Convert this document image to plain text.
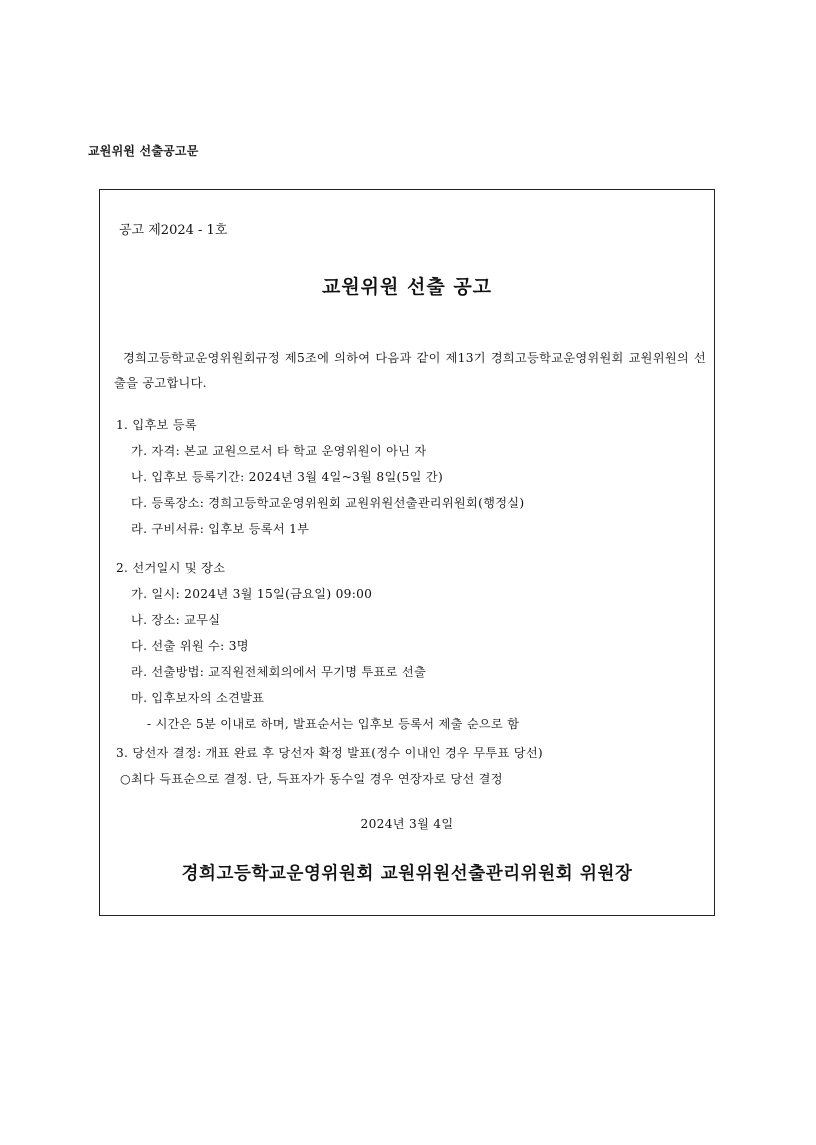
교원위원 선출공고문
공고 제2024 - 1호
교원위원 선출 공고

경희고등학교운영위원회규정 제5조에 의하여 다음과 같이 제13기 경희고등학교운영위원회 교원위원의 선출을 공고합니다.

1. 입후보 등록
가. 자격: 본교 교원으로서 타 학교 운영위원이 아닌 자
나. 입후보 등록기간: 2024년 3월 4일~3월 8일(5일 간)
다. 등록장소: 경희고등학교운영위원회 교원위원선출관리위원회(행정실)
라. 구비서류: 입후보 등록서 1부
2. 선거일시 및 장소
가. 일시: 2024년 3월 15일(금요일) 09:00
나. 장소: 교무실
다. 선출 위원 수: 3명
라. 선출방법: 교직원전체회의에서 무기명 투표로 선출
마. 입후보자의 소견발표
- 시간은 5분 이내로 하며, 발표순서는 입후보 등록서 제출 순으로 함
3. 당선자 결정: 개표 완료 후 당선자 확정 발표(정수 이내인 경우 무투표 당선)
○최다 득표순으로 결정. 단, 득표자가 동수일 경우 연장자로 당선 결정
2024년 3월 4일
경희고등학교운영위원회 교원위원선출관리위원회 위원장
